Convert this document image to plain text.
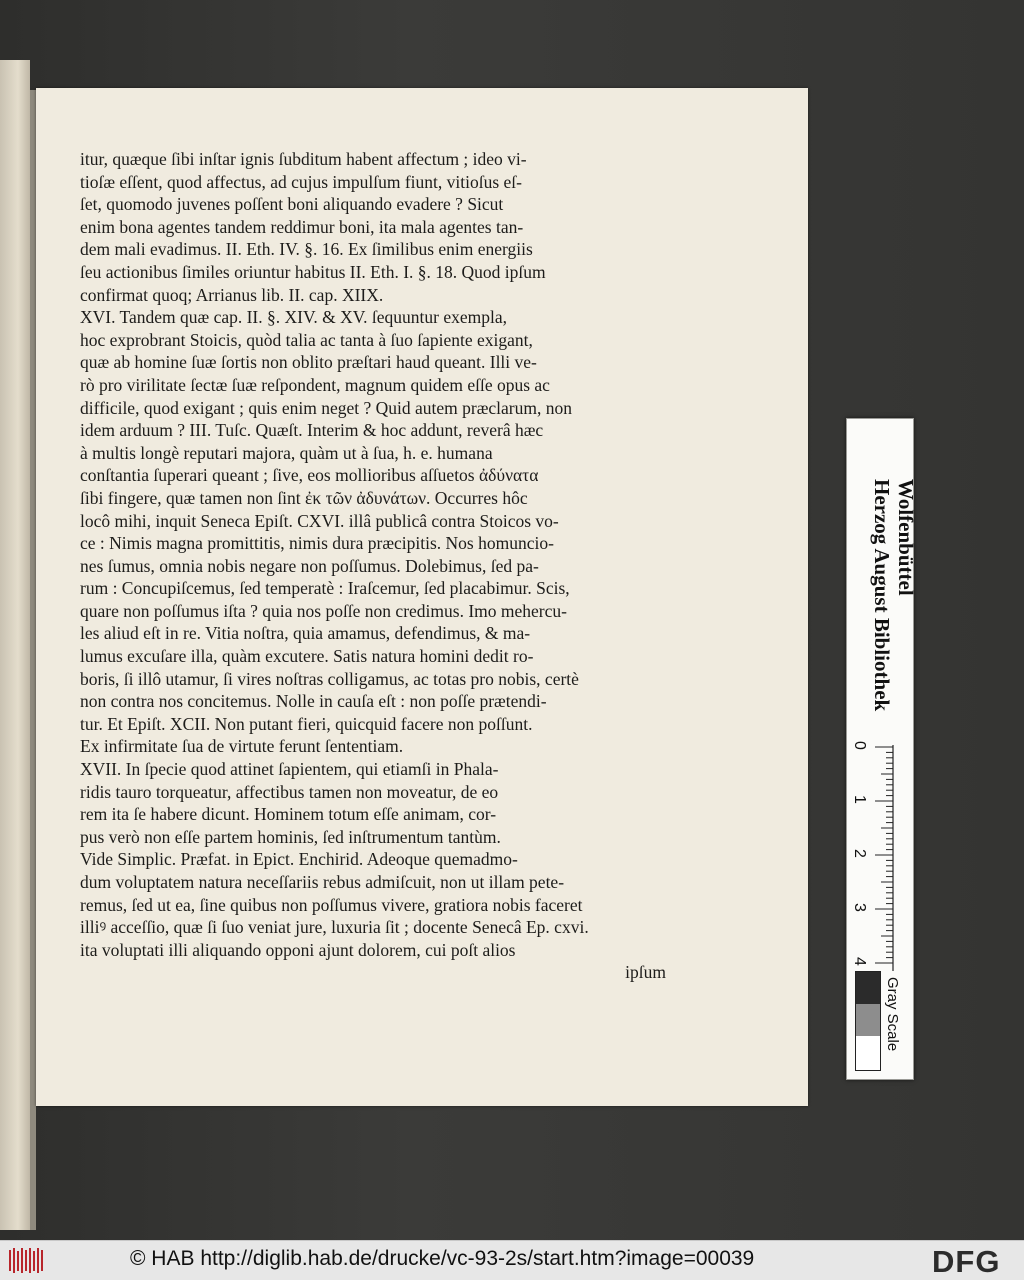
itur, quæque ſibi inſtar ignis ſubditum habent affectum ; ideo vi-
tioſæ eſſent, quod affectus, ad cujus impulſum fiunt, vitioſus eſ-
ſet, quomodo juvenes poſſent boni aliquando evadere ? Sicut
enim bona agentes tandem reddimur boni, ita mala agentes tan-
dem mali evadimus. II. Eth. IV. §. 16. Ex ſimilibus enim energiis
ſeu actionibus ſimiles oriuntur habitus II. Eth. I. §. 18. Quod ipſum
confirmat quoq; Arrianus lib. II. cap. XIIX.
XVI. Tandem quæ cap. II. §. XIV. & XV. ſequuntur exempla,
hoc exprobrant Stoicis, quòd talia ac tanta à ſuo ſapiente exigant,
quæ ab homine ſuæ ſortis non oblito præſtari haud queant. Illi ve-
rò pro virilitate ſectæ ſuæ reſpondent, magnum quidem eſſe opus ac
difficile, quod exigant ; quis enim neget ? Quid autem præclarum, non
idem arduum ? III. Tuſc. Quæſt. Interim & hoc addunt, reverâ hæc
à multis longè reputari majora, quàm ut à ſua, h. e. humana
conſtantia ſuperari queant ; ſive, eos mollioribus aſſuetos ἀδύνατα
ſibi fingere, quæ tamen non ſint ἐκ τῶν ἀδυνάτων. Occurres hôc
locô mihi, inquit Seneca Epiſt. CXVI. illâ publicâ contra Stoicos vo-
ce : Nimis magna promittitis, nimis dura præcipitis. Nos homuncio-
nes ſumus, omnia nobis negare non poſſumus. Dolebimus, ſed pa-
rum : Concupiſcemus, ſed temperatè : Iraſcemur, ſed placabimur. Scis,
quare non poſſumus iſta ? quia nos poſſe non credimus. Imo mehercu-
les aliud eſt in re. Vitia noſtra, quia amamus, defendimus, & ma-
lumus excuſare illa, quàm excutere. Satis natura homini dedit ro-
boris, ſi illô utamur, ſi vires noſtras colligamus, ac totas pro nobis, certè
non contra nos concitemus. Nolle in cauſa eſt : non poſſe prætendi-
tur. Et Epiſt. XCII. Non putant fieri, quicquid facere non poſſunt.
Ex infirmitate ſua de virtute ferunt ſententiam.
XVII. In ſpecie quod attinet ſapientem, qui etiamſi in Phala-
ridis tauro torqueatur, affectibus tamen non moveatur, de eo
rem ita ſe habere dicunt. Hominem totum eſſe animam, cor-
pus verò non eſſe partem hominis, ſed inſtrumentum tantùm.
Vide Simplic. Præfat. in Epict. Enchirid. Adeoque quemadmo-
dum voluptatem natura neceſſariis rebus admiſcuit, non ut illam pete-
remus, ſed ut ea, ſine quibus non poſſumus vivere, gratiora nobis faceret
illiꝰ acceſſio, quæ ſi ſuo veniat jure, luxuria ſit ; docente Senecâ Ep. cxvi.
ita voluptati illi aliquando opponi ajunt dolorem, cui poſt alios
ipſum
Herzog August Bibliothek Wolfenbüttel
0
1
2
3
4
Gray Scale
© HAB http://diglib.hab.de/drucke/vc-93-2s/start.htm?image=00039	DFG
